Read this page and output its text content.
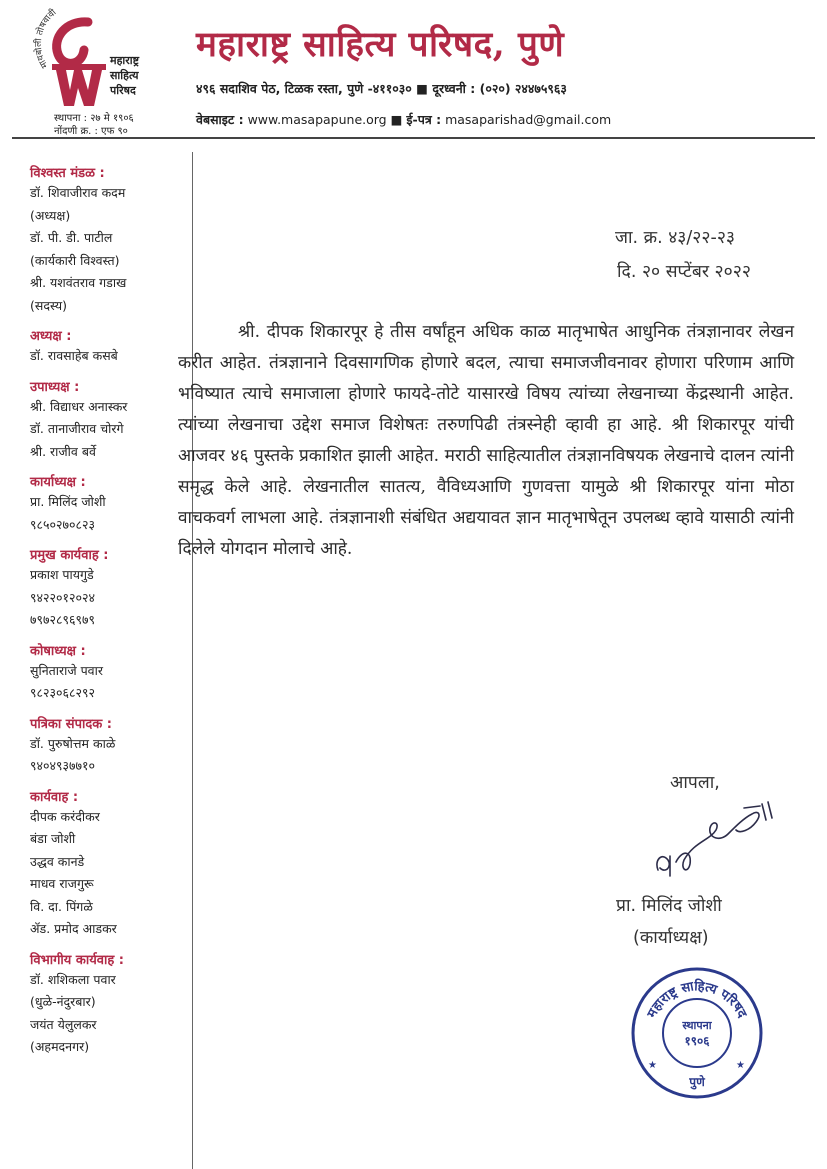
मायबोली तोषवावी
महाराष्ट्र
साहित्य
परिषद
स्थापना : २७ मे १९०६
नोंदणी क्र. : एफ ९०
महाराष्ट्र साहित्य परिषद, पुणे
४९६ सदाशिव पेठ, टिळक रस्ता, पुणे -४११०३० ■ दूरध्वनी : (०२०) २४४७५९६३
वेबसाइट : www.masapapune.org ■ ई-पत्र : masaparishad@gmail.com
विश्वस्त मंडळ :
डॉ. शिवाजीराव कदम
(अध्यक्ष)
डॉ. पी. डी. पाटील
(कार्यकारी विश्वस्त)
श्री. यशवंतराव गडाख
(सदस्य)
अध्यक्ष :
डॉ. रावसाहेब कसबे
उपाध्यक्ष :
श्री. विद्याधर अनास्कर
डॉ. तानाजीराव चोरगे
श्री. राजीव बर्वे
कार्याध्यक्ष :
प्रा. मिलिंद जोशी
९८५०२७०८२३
प्रमुख कार्यवाह :
प्रकाश पायगुडे
९४२२०१२०२४
७९७२८९६९७९
कोषाध्यक्ष :
सुनिताराजे पवार
९८२३०६८२९२
पत्रिका संपादक :
डॉ. पुरुषोत्तम काळे
९४०४९३७७१०
कार्यवाह :
दीपक करंदीकर
बंडा जोशी
उद्धव कानडे
माधव राजगुरू
वि. दा. पिंगळे
ॲड. प्रमोद आडकर
विभागीय कार्यवाह :
डॉ. शशिकला पवार
(धुळे-नंदुरबार)
जयंत येलुलकर
(अहमदनगर)
जा. क्र. ४३/२२-२३
दि. २० सप्टेंबर २०२२
श्री. दीपक शिकारपूर हे तीस वर्षांहून अधिक काळ मातृभाषेत आधुनिक तंत्रज्ञानावर लेखन करीत आहेत. तंत्रज्ञानाने दिवसागणिक होणारे बदल, त्याचा समाजजीवनावर होणारा परिणाम आणि भविष्यात त्याचे समाजाला होणारे फायदे-तोटे यासारखे विषय त्यांच्या लेखनाच्या केंद्रस्थानी आहेत. त्यांच्या लेखनाचा उद्देश समाज विशेषतः तरुणपिढी तंत्रस्नेही व्हावी हा आहे. श्री शिकारपूर यांची आजवर ४६ पुस्तके प्रकाशित झाली आहेत. मराठी साहित्यातील तंत्रज्ञानविषयक लेखनाचे दालन त्यांनी समृद्ध केले आहे. लेखनातील सातत्य, वैविध्यआणि गुणवत्ता यामुळे श्री शिकारपूर यांना मोठा वाचकवर्ग लाभला आहे. तंत्रज्ञानाशी संबंधित अद्ययावत ज्ञान मातृभाषेतून उपलब्ध व्हावे यासाठी त्यांनी दिलेले योगदान मोलाचे आहे.
आपला,
प्रा. मिलिंद जोशी
(कार्याध्यक्ष)
महाराष्ट्र साहित्य परिषद
स्थापना
१९०६
पुणे
★	★
